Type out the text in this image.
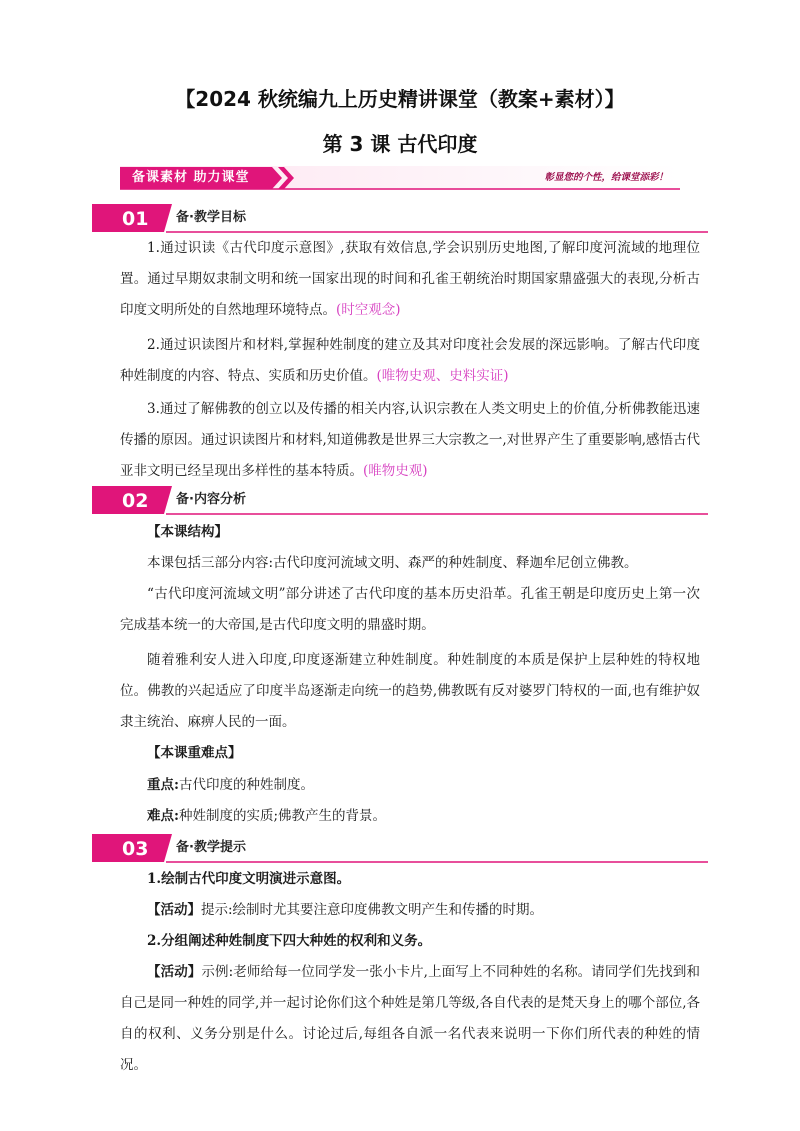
【2024 秋统编九上历史精讲课堂（教案+素材）】
第 3 课 古代印度
备课素材 助力课堂	彰显您的个性，给课堂添彩！
01 备·教学目标

1.通过识读《古代印度示意图》,获取有效信息,学会识别历史地图,了解印度河流域的地理位置。通过早期奴隶制文明和统一国家出现的时间和孔雀王朝统治时期国家鼎盛强大的表现,分析古印度文明所处的自然地理环境特点。(时空观念)

2.通过识读图片和材料,掌握种姓制度的建立及其对印度社会发展的深远影响。了解古代印度种姓制度的内容、特点、实质和历史价值。(唯物史观、史料实证)

3.通过了解佛教的创立以及传播的相关内容,认识宗教在人类文明史上的价值,分析佛教能迅速传播的原因。通过识读图片和材料,知道佛教是世界三大宗教之一,对世界产生了重要影响,感悟古代亚非文明已经呈现出多样性的基本特质。(唯物史观)

02 备·内容分析

【本课结构】

本课包括三部分内容:古代印度河流域文明、森严的种姓制度、释迦牟尼创立佛教。

“古代印度河流域文明”部分讲述了古代印度的基本历史沿革。孔雀王朝是印度历史上第一次完成基本统一的大帝国,是古代印度文明的鼎盛时期。

随着雅利安人进入印度,印度逐渐建立种姓制度。种姓制度的本质是保护上层种姓的特权地位。佛教的兴起适应了印度半岛逐渐走向统一的趋势,佛教既有反对婆罗门特权的一面,也有维护奴隶主统治、麻痹人民的一面。

【本课重难点】

重点:古代印度的种姓制度。

难点:种姓制度的实质;佛教产生的背景。

03 备·教学提示

1.绘制古代印度文明演进示意图。

【活动】提示:绘制时尤其要注意印度佛教文明产生和传播的时期。

2.分组阐述种姓制度下四大种姓的权利和义务。

【活动】示例:老师给每一位同学发一张小卡片,上面写上不同种姓的名称。请同学们先找到和自己是同一种姓的同学,并一起讨论你们这个种姓是第几等级,各自代表的是梵天身上的哪个部位,各自的权利、义务分别是什么。讨论过后,每组各自派一名代表来说明一下你们所代表的种姓的情况。
